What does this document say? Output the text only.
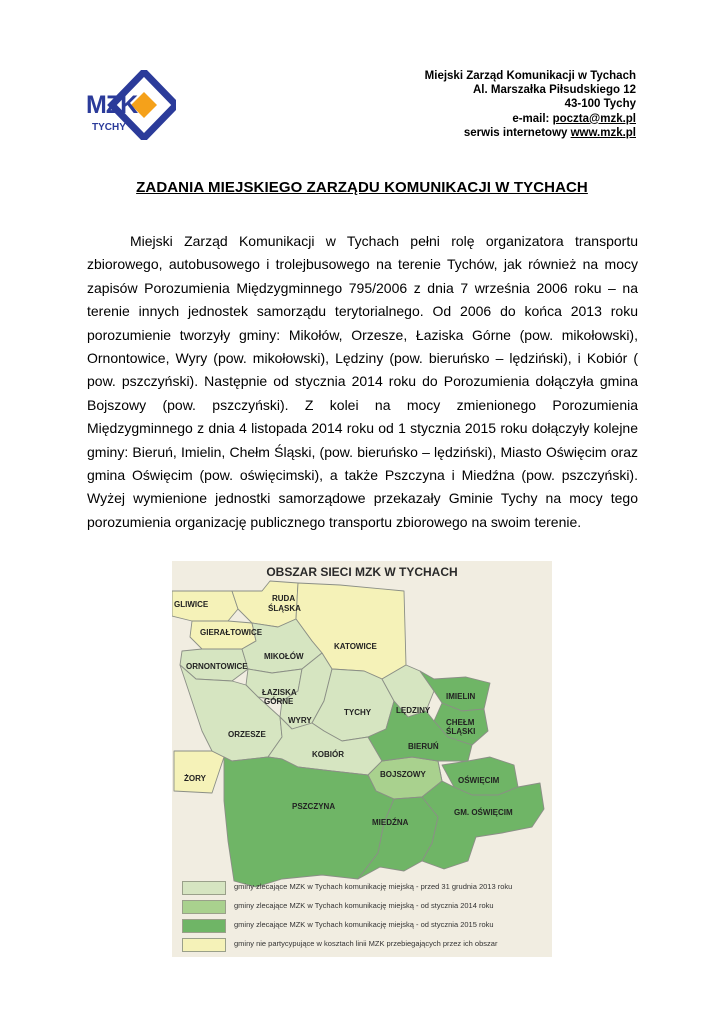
MZK
TYCHY
Miejski Zarząd Komunikacji w Tychach
Al. Marszałka Piłsudskiego 12
43-100 Tychy
e-mail: poczta@mzk.pl
serwis internetowy www.mzk.pl
ZADANIA MIEJSKIEGO ZARZĄDU KOMUNIKACJI W TYCHACH

Miejski Zarząd Komunikacji w Tychach pełni rolę organizatora transportu zbiorowego, autobusowego i trolejbusowego na terenie Tychów, jak również na mocy zapisów Porozumienia Międzygminnego 795/2006 z dnia 7 września 2006 roku – na terenie innych jednostek samorządu terytorialnego. Od 2006 do końca 2013 roku porozumienie tworzyły gminy: Mikołów, Orzesze, Łaziska Górne (pow. mikołowski), Ornontowice, Wyry (pow. mikołowski), Lędziny (pow. bieruńsko – lędziński), i Kobiór ( pow. pszczyński). Następnie od stycznia 2014 roku do Porozumienia dołączyła gmina Bojszowy (pow. pszczyński). Z kolei na mocy zmienionego Porozumienia Międzygminnego z dnia 4 listopada 2014 roku od 1 stycznia 2015 roku dołączyły kolejne gminy: Bieruń, Imielin, Chełm Śląski, (pow. bieruńsko – lędziński), Miasto Oświęcim oraz gmina Oświęcim (pow. oświęcimski), a także Pszczyna i Miedźna (pow. pszczyński). Wyżej wymienione jednostki samorządowe przekazały Gminie Tychy na mocy tego porozumienia organizację publicznego transportu zbiorowego na swoim terenie.

GLIWICE
RUDA
ŚLĄSKA
GIERAŁTOWICE
ORNONTOWICE
MIKOŁÓW
KATOWICE
ŁAZISKA
GÓRNE
WYRY
TYCHY	LĘDZINY
IMIELIN
CHEŁM
ŚLĄSKI
ORZESZE
KOBIÓR
BIERUŃ
BOJSZOWY
OŚWIĘCIM
ŻORY
GM. OŚWIĘCIM
PSZCZYNA
MIEDŹNA
OBSZAR SIECI MZK W TYCHACH
gminy zlecające MZK w Tychach komunikację miejską - przed 31 grudnia 2013 roku
gminy zlecające MZK w Tychach komunikację miejską - od stycznia 2014 roku
gminy zlecające MZK w Tychach komunikację miejską - od stycznia 2015 roku
gminy nie partycypujące w kosztach linii MZK przebiegających przez ich obszar
